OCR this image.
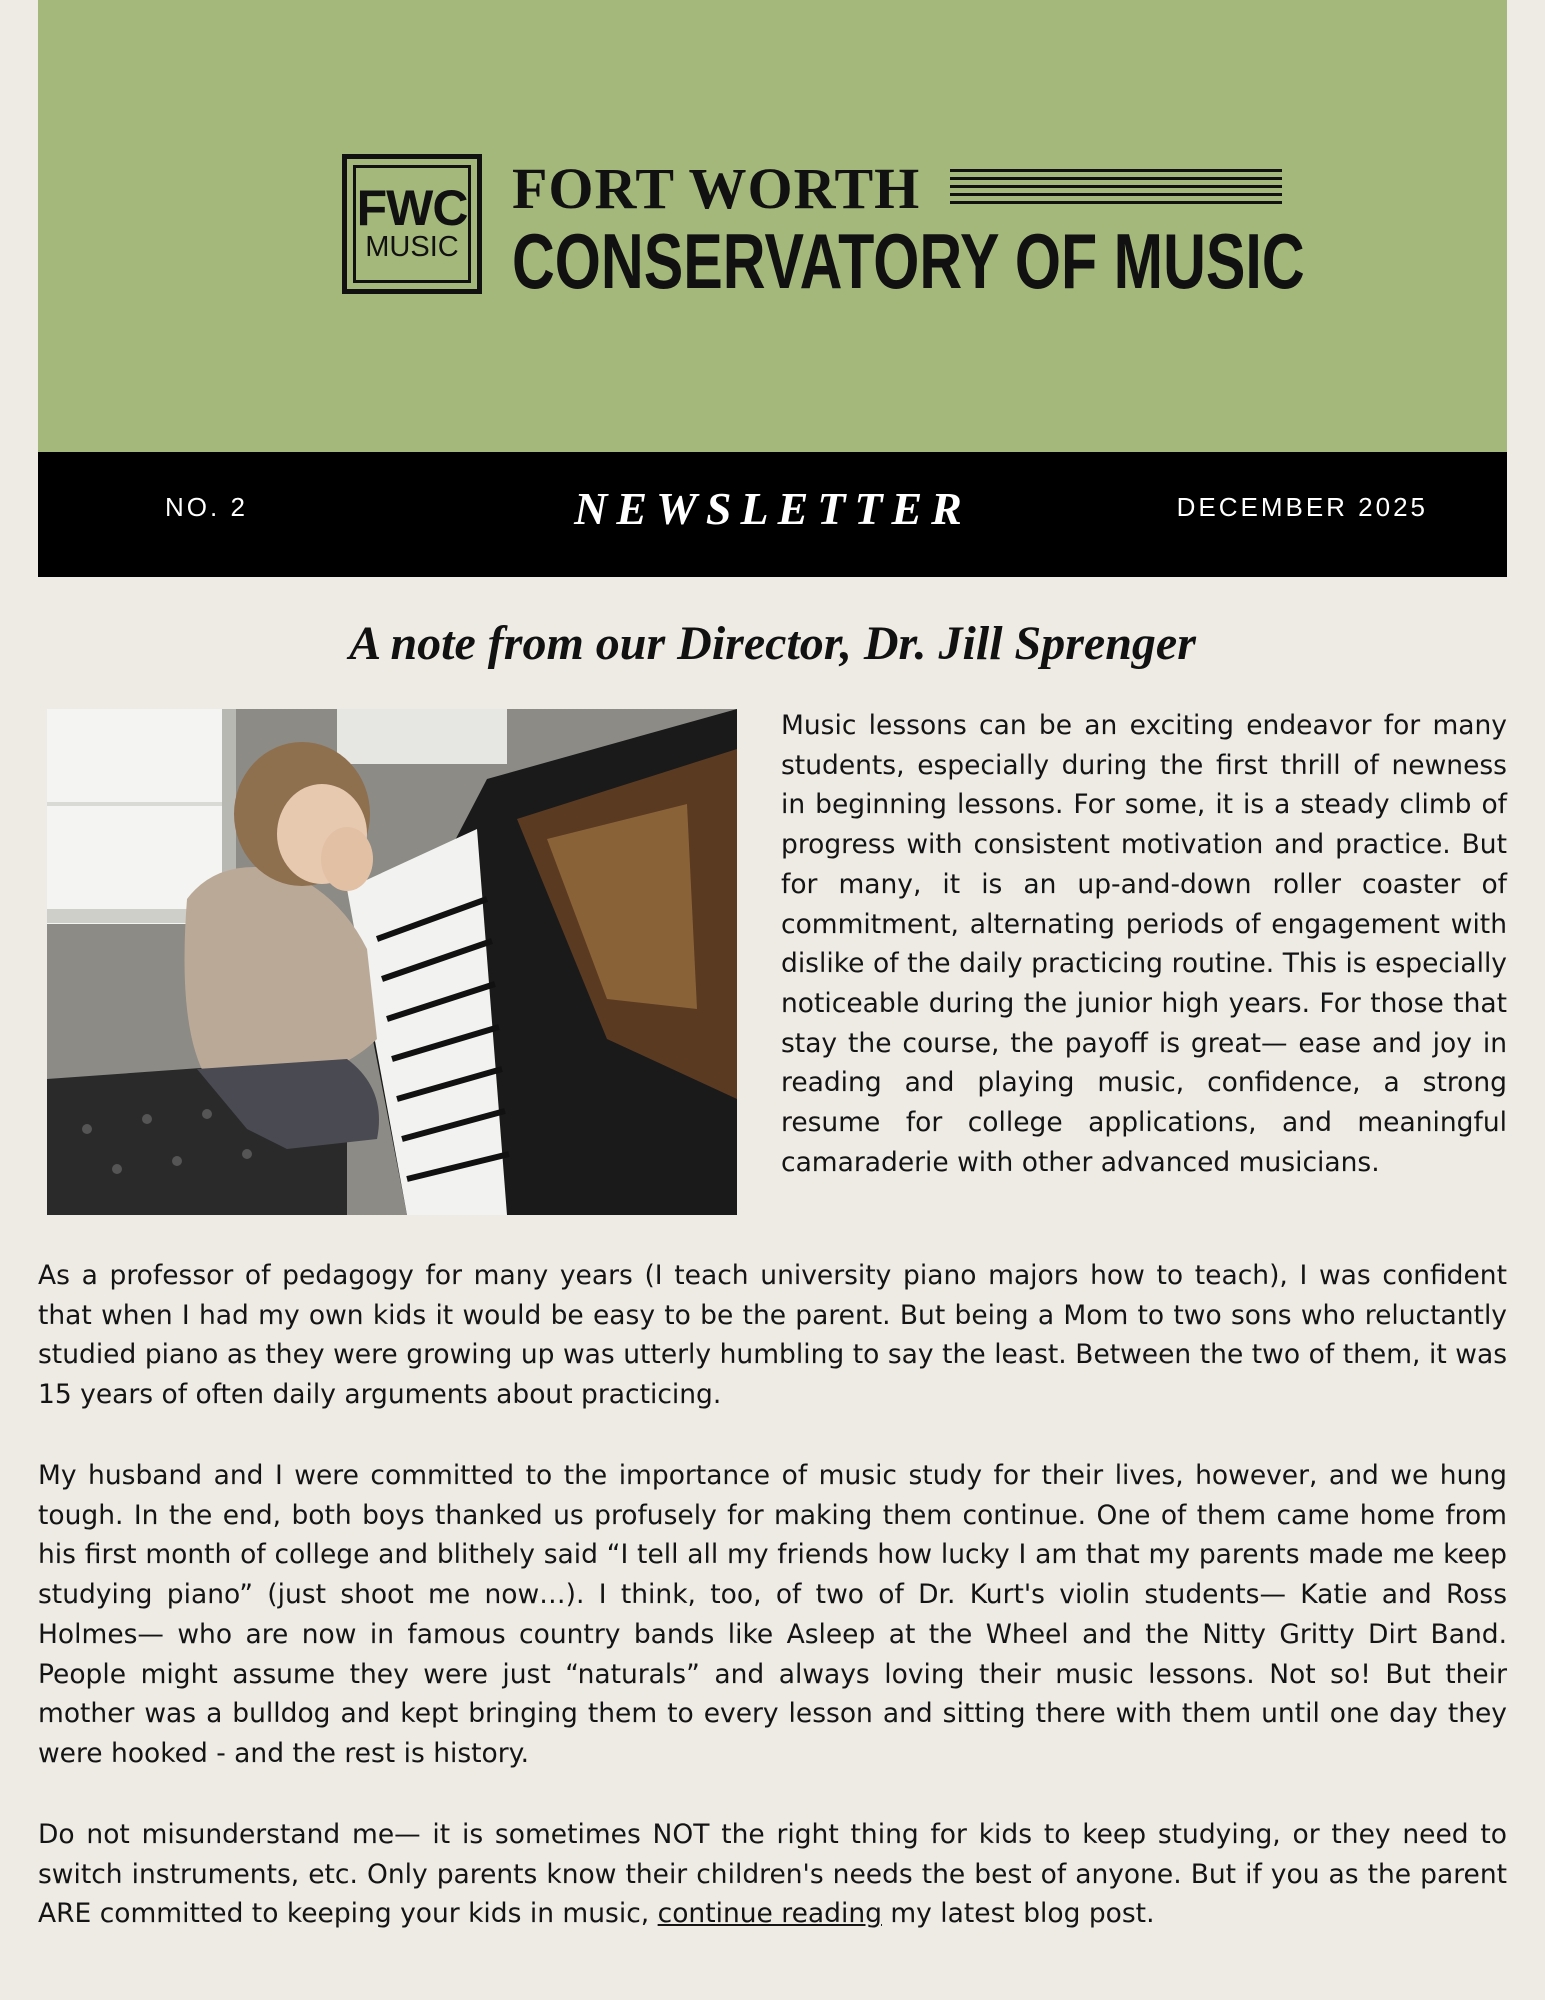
FWC
MUSIC
FORT WORTH
CONSERVATORY OF MUSIC
NO. 2	NEWSLETTER	DECEMBER 2025
A note from our Director, Dr. Jill Sprenger

Music lessons can be an exciting endeavor for many students, especially during the first thrill of newness in beginning lessons. For some, it is a steady climb of progress with consistent motivation and practice. But for many, it is an up-and-down roller coaster of commitment, alternating periods of engagement with dislike of the daily practicing routine. This is especially noticeable during the junior high years. For those that stay the course, the payoff is great— ease and joy in reading and playing music, confidence, a strong resume for college applications, and meaningful camaraderie with other advanced musicians.

As a professor of pedagogy for many years (I teach university piano majors how to teach), I was confident that when I had my own kids it would be easy to be the parent. But being a Mom to two sons who reluctantly studied piano as they were growing up was utterly humbling to say the least. Between the two of them, it was 15 years of often daily arguments about practicing.

My husband and I were committed to the importance of music study for their lives, however, and we hung tough. In the end, both boys thanked us profusely for making them continue. One of them came home from his first month of college and blithely said “I tell all my friends how lucky I am that my parents made me keep studying piano” (just shoot me now…). I think, too, of two of Dr. Kurt's violin students— Katie and Ross Holmes— who are now in famous country bands like Asleep at the Wheel and the Nitty Gritty Dirt Band. People might assume they were just “naturals” and always loving their music lessons. Not so! But their mother was a bulldog and kept bringing them to every lesson and sitting there with them until one day they were hooked - and the rest is history.

Do not misunderstand me— it is sometimes NOT the right thing for kids to keep studying, or they need to switch instruments, etc. Only parents know their children's needs the best of anyone. But if you as the parent ARE committed to keeping your kids in music, continue reading my latest blog post.
